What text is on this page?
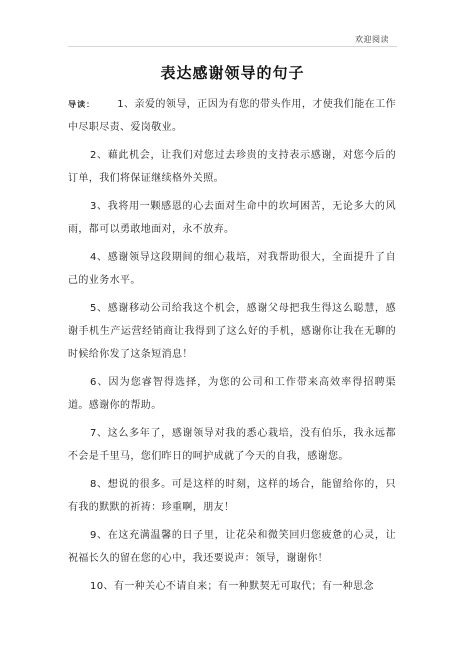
欢迎阅读
表达感谢领导的句子

导读： 1、亲爱的领导，正因为有您的带头作用，才使我们能在工作中尽职尽责、爱岗敬业。

2、藉此机会，让我们对您过去珍贵的支持表示感谢，对您今后的订单，我们将保证继续格外关照。

3、我将用一颗感恩的心去面对生命中的坎坷困苦，无论多大的风雨，都可以勇敢地面对，永不放弃。

4、感谢领导这段期间的细心栽培，对我帮助很大，全面提升了自己的业务水平。

5、感谢移动公司给我这个机会，感谢父母把我生得这么聪慧，感谢手机生产运营经销商让我得到了这么好的手机，感谢你让我在无聊的时候给你发了这条短消息！

6、因为您睿智得选择，为您的公司和工作带来高效率得招聘渠道。感谢你的帮助。

7、这么多年了，感谢领导对我的悉心栽培，没有伯乐，我永远都不会是千里马，您们昨日的呵护成就了今天的自我，感谢您。

8、想说的很多。可是这样的时刻，这样的场合，能留给你的，只有我的默默的祈祷：珍重啊，朋友！

9、在这充满温馨的日子里，让花朵和微笑回归您疲惫的心灵，让祝福长久的留在您的心中，我还要说声：领导，谢谢你！

10、有一种关心不请自来；有一种默契无可取代；有一种思念
